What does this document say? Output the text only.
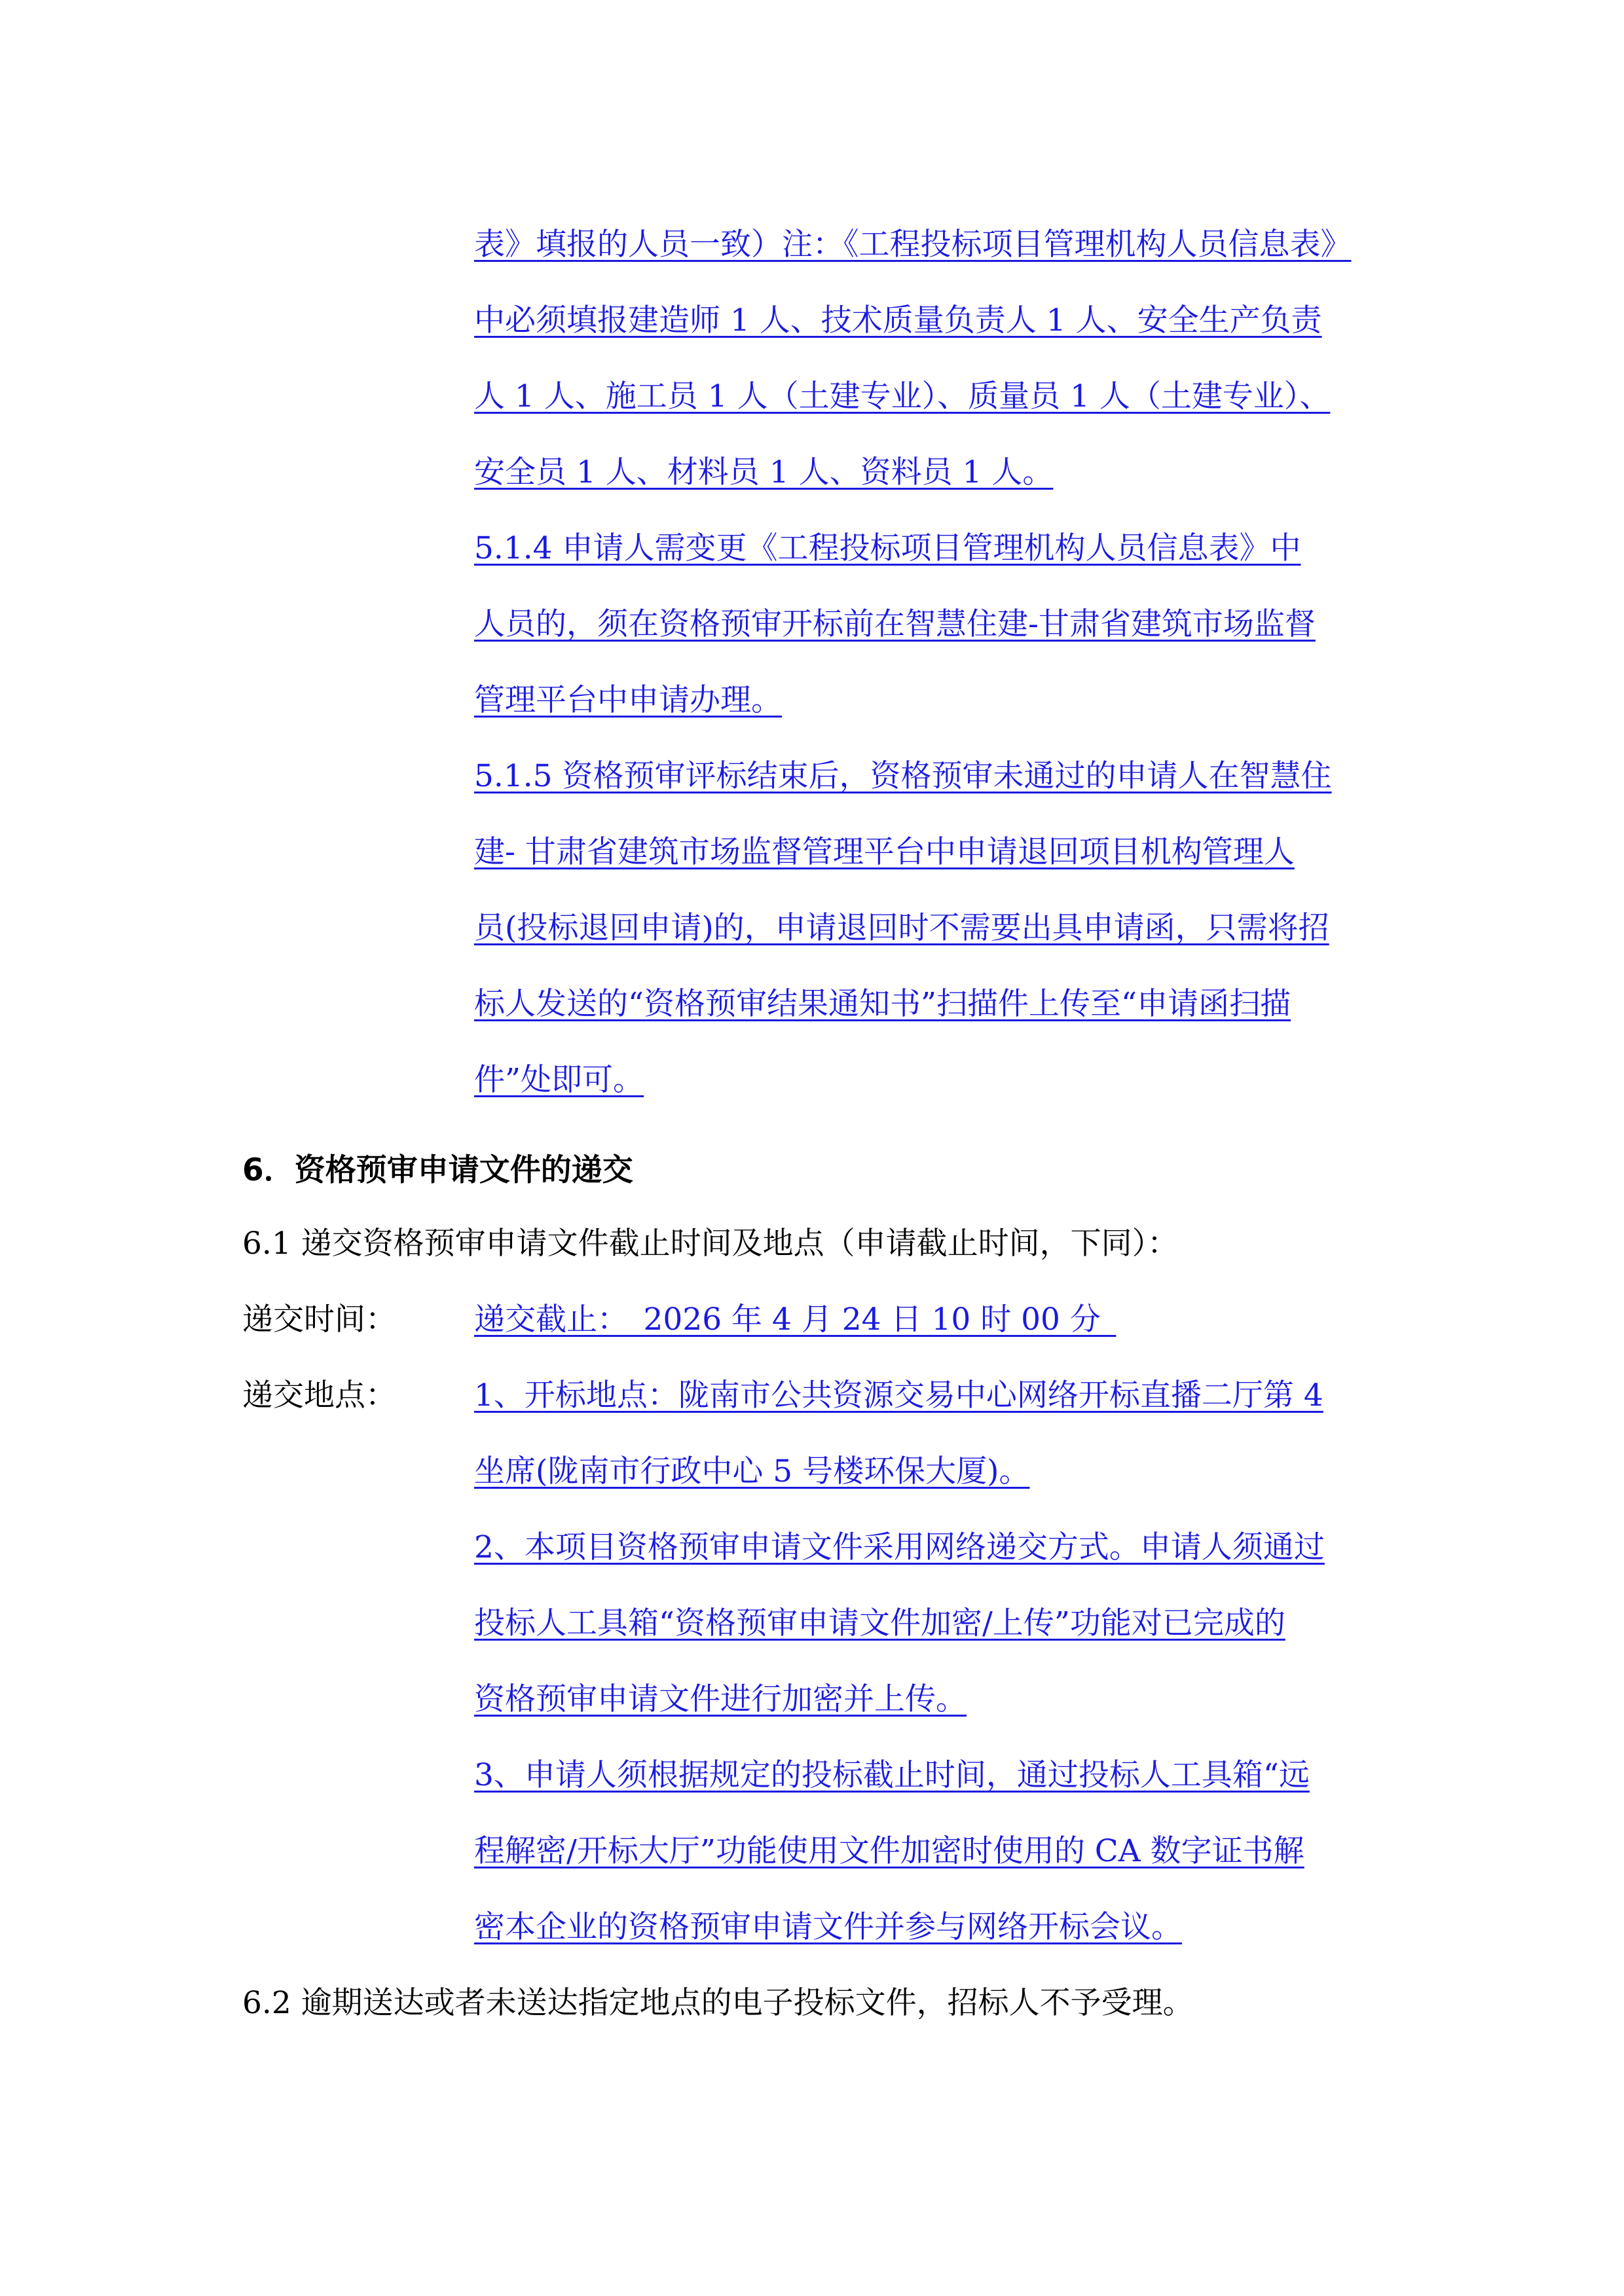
表》填报的人员一致）注：《工程投标项目管理机构人员信息表》
中必须填报建造师 1 人、技术质量负责人 1 人、安全生产负责
人 1 人、施工员 1 人（土建专业）、质量员 1 人（土建专业）、
安全员 1 人、材料员 1 人、资料员 1 人。
5.1.4 申请人需变更《工程投标项目管理机构人员信息表》中
人员的，须在资格预审开标前在智慧住建-甘肃省建筑市场监督
管理平台中申请办理。
5.1.5 资格预审评标结束后，资格预审未通过的申请人在智慧住
建- 甘肃省建筑市场监督管理平台中申请退回项目机构管理人
员(投标退回申请)的，申请退回时不需要出具申请函，只需将招
标人发送的“资格预审结果通知书”扫描件上传至“申请函扫描
件”处即可。
6．资格预审申请文件的递交
6.1 递交资格预审申请文件截止时间及地点（申请截止时间，下同）：
递交时间：	递交截止：_2026 年 4 月 24 日 10 时 00 分_
递交地点：	1、开标地点：陇南市公共资源交易中心网络开标直播二厅第 4
坐席(陇南市行政中心 5 号楼环保大厦)。
2、本项目资格预审申请文件采用网络递交方式。申请人须通过
投标人工具箱“资格预审申请文件加密/上传”功能对已完成的
资格预审申请文件进行加密并上传。
3、申请人须根据规定的投标截止时间，通过投标人工具箱“远
程解密/开标大厅”功能使用文件加密时使用的 CA 数字证书解
密本企业的资格预审申请文件并参与网络开标会议。
6.2 逾期送达或者未送达指定地点的电子投标文件，招标人不予受理。
